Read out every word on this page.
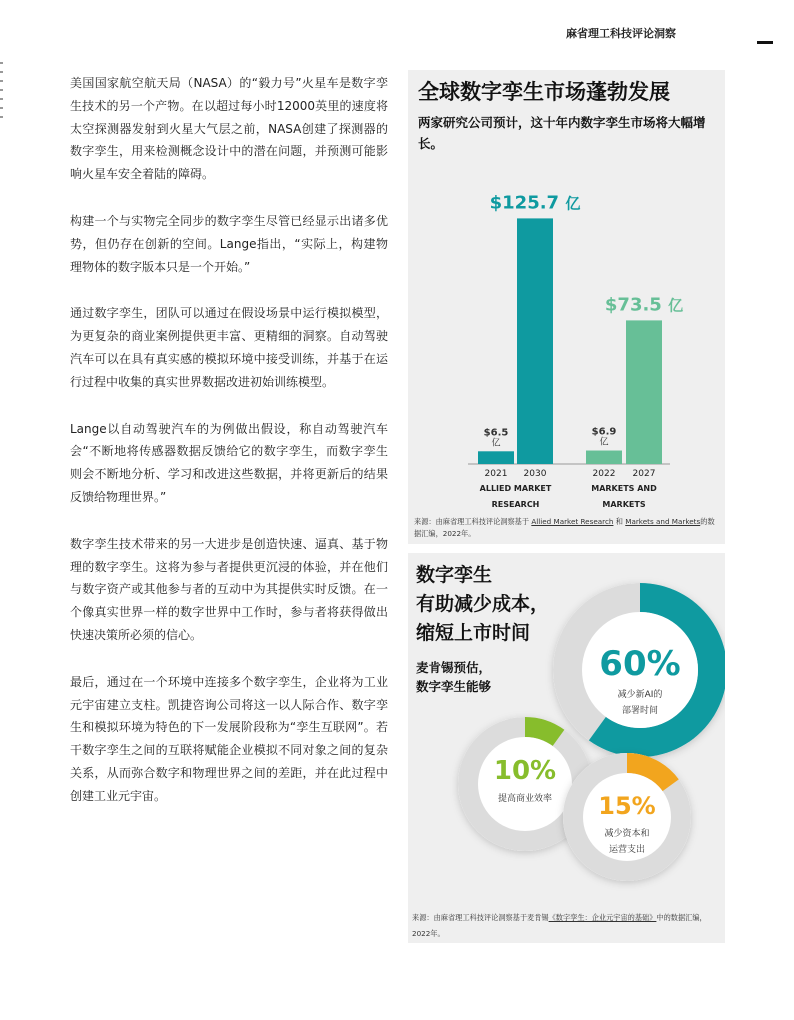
麻省理工科技评论洞察

美国国家航空航天局（NASA）的“毅力号”火星车是数字孪生技术的另一个产物。在以超过每小时12000英里的速度将太空探测器发射到火星大气层之前，NASA创建了探测器的数字孪生，用来检测概念设计中的潜在问题，并预测可能影响火星车安全着陆的障碍。

构建一个与实物完全同步的数字孪生尽管已经显示出诸多优势，但仍存在创新的空间。Lange指出，“实际上，构建物理物体的数字版本只是一个开始。”

通过数字孪生，团队可以通过在假设场景中运行模拟模型，为更复杂的商业案例提供更丰富、更精细的洞察。自动驾驶汽车可以在具有真实感的模拟环境中接受训练，并基于在运行过程中收集的真实世界数据改进初始训练模型。

Lange以自动驾驶汽车的为例做出假设，称自动驾驶汽车会“不断地将传感器数据反馈给它的数字孪生，而数字孪生则会不断地分析、学习和改进这些数据，并将更新后的结果反馈给物理世界。”

数字孪生技术带来的另一大进步是创造快速、逼真、基于物理的数字孪生。这将为参与者提供更沉浸的体验，并在他们与数字资产或其他参与者的互动中为其提供实时反馈。在一个像真实世界一样的数字世界中工作时，参与者将获得做出快速决策所必须的信心。

最后，通过在一个环境中连接多个数字孪生，企业将为工业元宇宙建立支柱。凯捷咨询公司将这一以人际合作、数字孪生和模拟环境为特色的下一发展阶段称为“孪生互联网”。若干数字孪生之间的互联将赋能企业模拟不同对象之间的复杂关系，从而弥合数字和物理世界之间的差距，并在此过程中创建工业元宇宙。

$6.5
亿
2021
$125.7 亿
2030
ALLIED MARKET
RESEARCH
$6.9
亿
2022
$73.5 亿
2027
MARKETS AND
MARKETS
全球数字孪生市场蓬勃发展
两家研究公司预计，这十年内数字孪生市场将大幅增长。
来源：由麻省理工科技评论洞察基于 Allied Market Research 和 Markets and Markets的数据汇编，2022年。
60%
减少新AI的
部署时间
10%
提高商业效率 15%
减少资本和
运营支出
数字孪生
有助减少成本，
缩短上市时间
麦肯锡预估，
数字孪生能够
来源：由麻省理工科技评论洞察基于麦肯锡《数字孪生：企业元宇宙的基础》中的数据汇编，2022年。
